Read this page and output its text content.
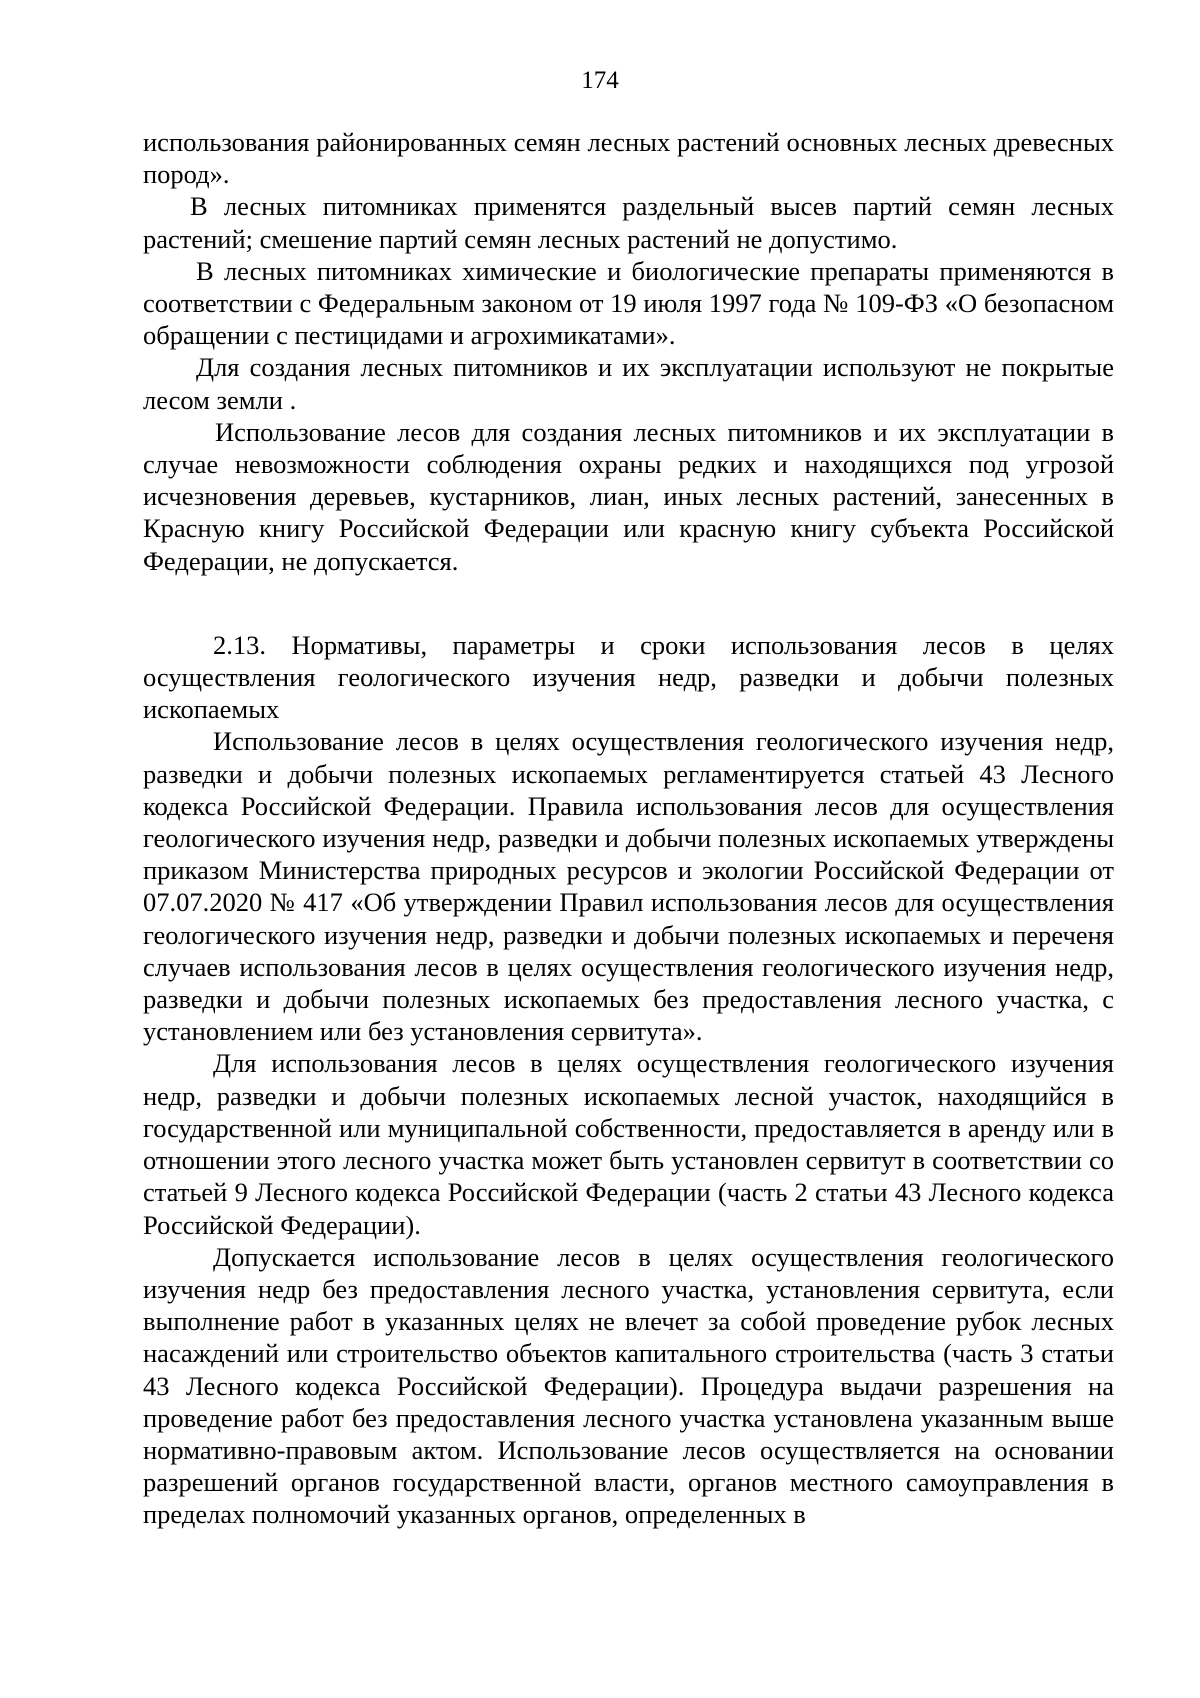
174

использования районированных семян лесных растений основных лесных древесных пород».

В лесных питомниках применятся раздельный высев партий семян лесных растений; смешение партий семян лесных растений не допустимо.

В лесных питомниках химические и биологические препараты применяются в соответствии с Федеральным законом от 19 июля 1997 года № 109-ФЗ «О безопасном обращении с пестицидами и агрохимикатами».

Для создания лесных питомников и их эксплуатации используют не покрытые лесом земли .

Использование лесов для создания лесных питомников и их эксплуатации в случае невозможности соблюдения охраны редких и находящихся под угрозой исчезновения деревьев, кустарников, лиан, иных лесных растений, занесенных в Красную книгу Российской Федерации или красную книгу субъекта Российской Федерации, не допускается.

2.13. Нормативы, параметры и сроки использования лесов в целях осуществления геологического изучения недр, разведки и добычи полезных ископаемых

Использование лесов в целях осуществления геологического изучения недр, разведки и добычи полезных ископаемых регламентируется статьей 43 Лесного кодекса Российской Федерации. Правила использования лесов для осуществления геологического изучения недр, разведки и добычи полезных ископаемых утверждены приказом Министерства природных ресурсов и экологии Российской Федерации от 07.07.2020 № 417 «Об утверждении Правил использования лесов для осуществления геологического изучения недр, разведки и добычи полезных ископаемых и переченя случаев использования лесов в целях осуществления геологического изучения недр, разведки и добычи полезных ископаемых без предоставления лесного участка, с установлением или без установления сервитута».

Для использования лесов в целях осуществления геологического изучения недр, разведки и добычи полезных ископаемых лесной участок, находящийся в государственной или муниципальной собственности, предоставляется в аренду или в отношении этого лесного участка может быть установлен сервитут в соответствии со статьей 9 Лесного кодекса Российской Федерации (часть 2 статьи 43 Лесного кодекса Российской Федерации).

Допускается использование лесов в целях осуществления геологического изучения недр без предоставления лесного участка, установления сервитута, если выполнение работ в указанных целях не влечет за собой проведение рубок лесных насаждений или строительство объектов капитального строительства (часть 3 статьи 43 Лесного кодекса Российской Федерации). Процедура выдачи разрешения на проведение работ без предоставления лесного участка установлена указанным выше нормативно-правовым актом. Использование лесов осуществляется на основании разрешений органов государственной власти, органов местного самоуправления в пределах полномочий указанных органов, определенных в
